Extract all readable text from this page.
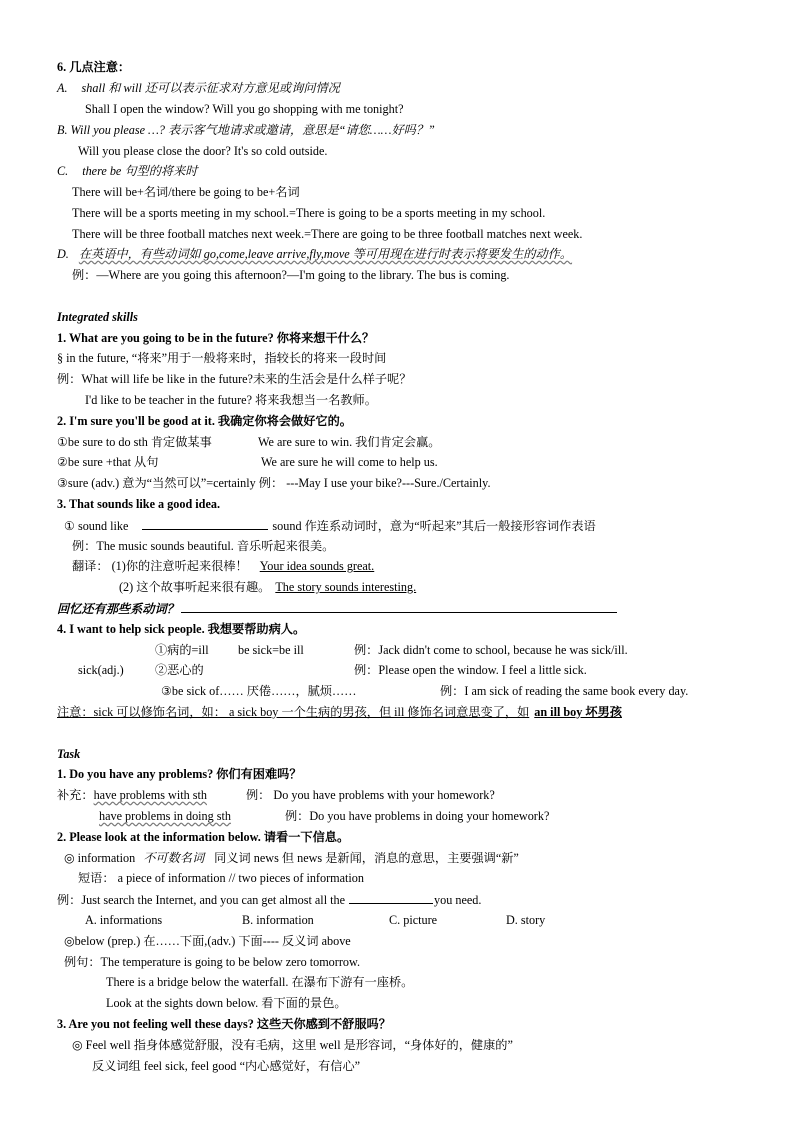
6. 几点注意：
A. shall 和 will 还可以表示征求对方意见或询问情况
Shall I open the window? Will you go shopping with me tonight?
B. Will you please …? 表示客气地请求或邀请，意思是“请您……好吗？”
Will you please close the door? It's so cold outside.
C. there be 句型的将来时
There will be+名词/there be going to be+名词
There will be a sports meeting in my school.=There is going to be a sports meeting in my school.
There will be three football matches next week.=There are going to be three football matches next week.
D. 在英语中，有些动词如 go,come,leave arrive,fly,move 等可用现在进行时表示将要发生的动作。
例：—Where are you going this afternoon?—I'm going to the library. The bus is coming.
Integrated skills
1. What are you going to be in the future? 你将来想干什么？
§ in the future, “将来”用于一般将来时，指较长的将来一段时间
例：What will life be like in the future?未来的生活会是什么样子呢？
I'd like to be teacher in the future? 将来我想当一名教师。
2. I'm sure you'll be good at it. 我确定你将会做好它的。
①be sure to do sth 肯定做某事	We are sure to win. 我们肯定会赢。
②be sure +that 从句	We are sure he will come to help us.
③sure (adv.) 意为“当然可以”=certainly 例： ---May I use your bike?---Sure./Certainly.
3. That sounds like a good idea.
① sound like	sound 作连系动词时，意为“听起来”其后一般接形容词作表语
例：The music sounds beautiful. 音乐听起来很美。
翻译： (1)你的注意听起来很棒！ Your idea sounds great.
(2) 这个故事听起来很有趣。 The story sounds interesting.
回忆还有那些系动词？
4. I want to help sick people. 我想要帮助病人。
①病的=ill be sick=be ill	例：Jack didn't come to school, because he was sick/ill.
sick(adj.)	②恶心的	例：Please open the window. I feel a little sick.
③be sick of…… 厌倦……，腻烦……	例：I am sick of reading the same book every day.
注意：sick 可以修饰名词，如： a sick boy 一个生病的男孩，但 ill 修饰名词意思变了，如 an ill boy 坏男孩
Task
1. Do you have any problems? 你们有困难吗？
补充：have problems with sth	例： Do you have problems with your homework?
have problems in doing sth	例：Do you have problems in doing your homework?
2. Please look at the information below. 请看一下信息。
◎ information 不可数名词 同义词 news 但 news 是新闻，消息的意思，主要强调“新”
短语： a piece of information // two pieces of information
例：Just search the Internet, and you can get almost all the	you need.
A. informations	B. information	C. picture	D. story
◎below (prep.) 在……下面,(adv.) 下面---- 反义词 above
例句：The temperature is going to be below zero tomorrow.
There is a bridge below the waterfall. 在瀑布下游有一座桥。
Look at the sights down below. 看下面的景色。
3. Are you not feeling well these days? 这些天你感到不舒服吗？
◎ Feel well 指身体感觉舒服，没有毛病，这里 well 是形容词，“身体好的，健康的”
反义词组 feel sick, feel good “内心感觉好，有信心”
